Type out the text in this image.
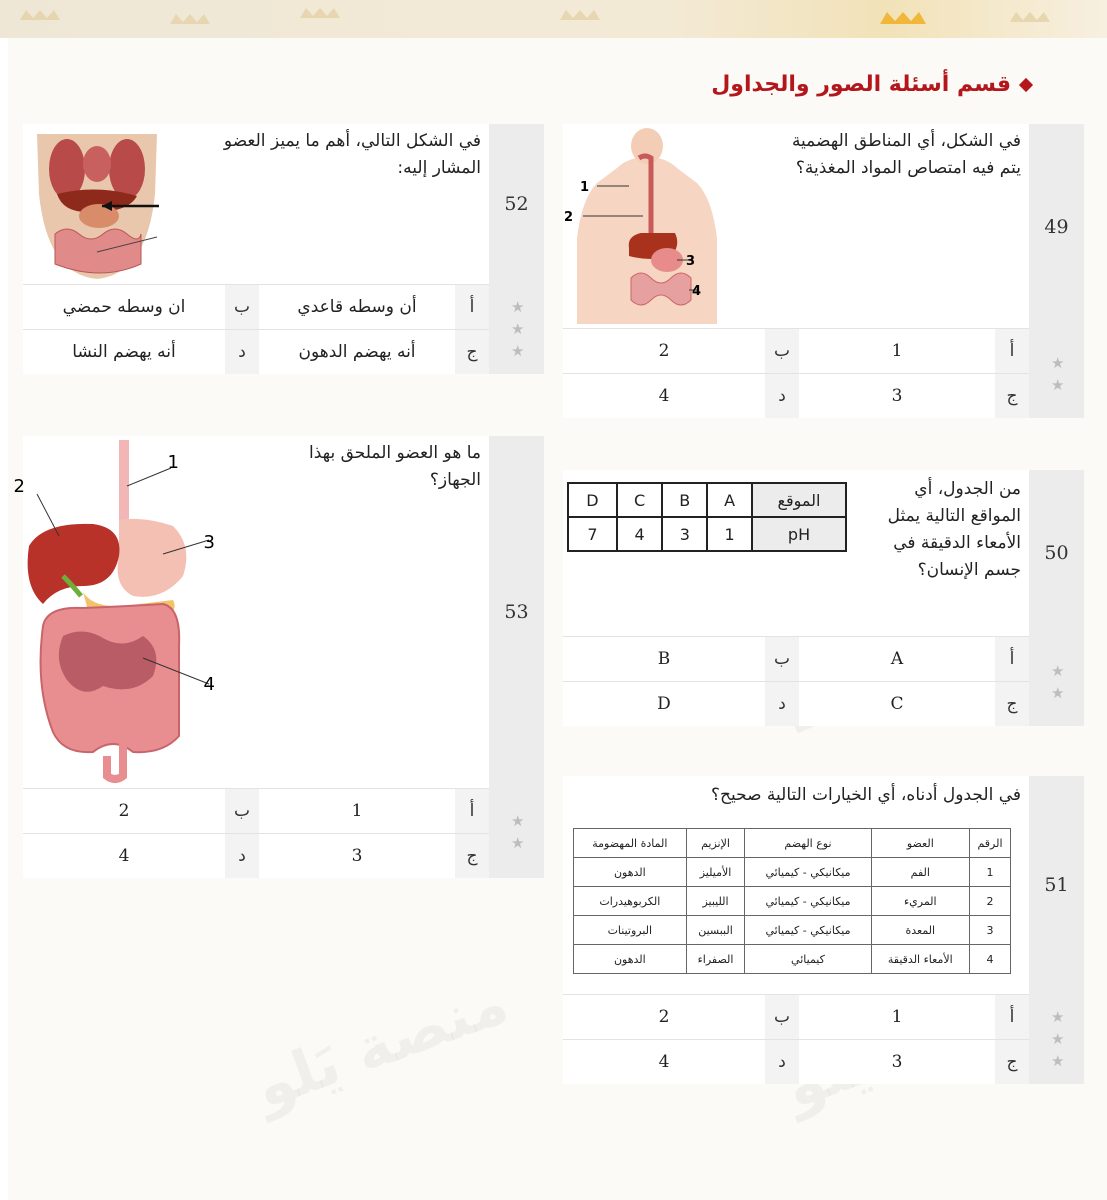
قسم أسئلة الصور والجداول
49
في الشكل، أي المناطق الهضمية يتم فيه امتصاص المواد المغذية؟
1
2
3
4
★
★
أ
1
ب
2
ج
3
د
4
52
في الشكل التالي، أهم ما يميز العضو المشار إليه:
★
★
★
أ
أن وسطه قاعدي
ب
ان وسطه حمضي
ج
أنه يهضم الدهون
د
أنه يهضم النشا
50
من الجدول، أي المواقع التالية يمثل الأمعاء الدقيقة في جسم الإنسان؟
الموقع	A	B	C	D
pH	1	3	4	7
★
★
أ
A
ب
B
ج
C
د
D
53
ما هو العضو الملحق بهذا الجهاز؟
1
2
3
4
★
★
أ
1
ب
2
ج
3
د
4
51
في الجدول أدناه، أي الخيارات التالية صحيح؟
الرقم	العضو	نوع الهضم	الإنزيم	المادة المهضومة
1	الفم	ميكانيكي - كيميائي	الأميليز	الدهون
2	المريء	ميكانيكي - كيميائي	الليبيز	الكربوهيدرات
3	المعدة	ميكانيكي - كيميائي	الببسين	البروتينات
4	الأمعاء الدقيقة	كيميائي	الصفراء	الدهون
★
★
★
أ
1
ب
2
ج
3
د
4
